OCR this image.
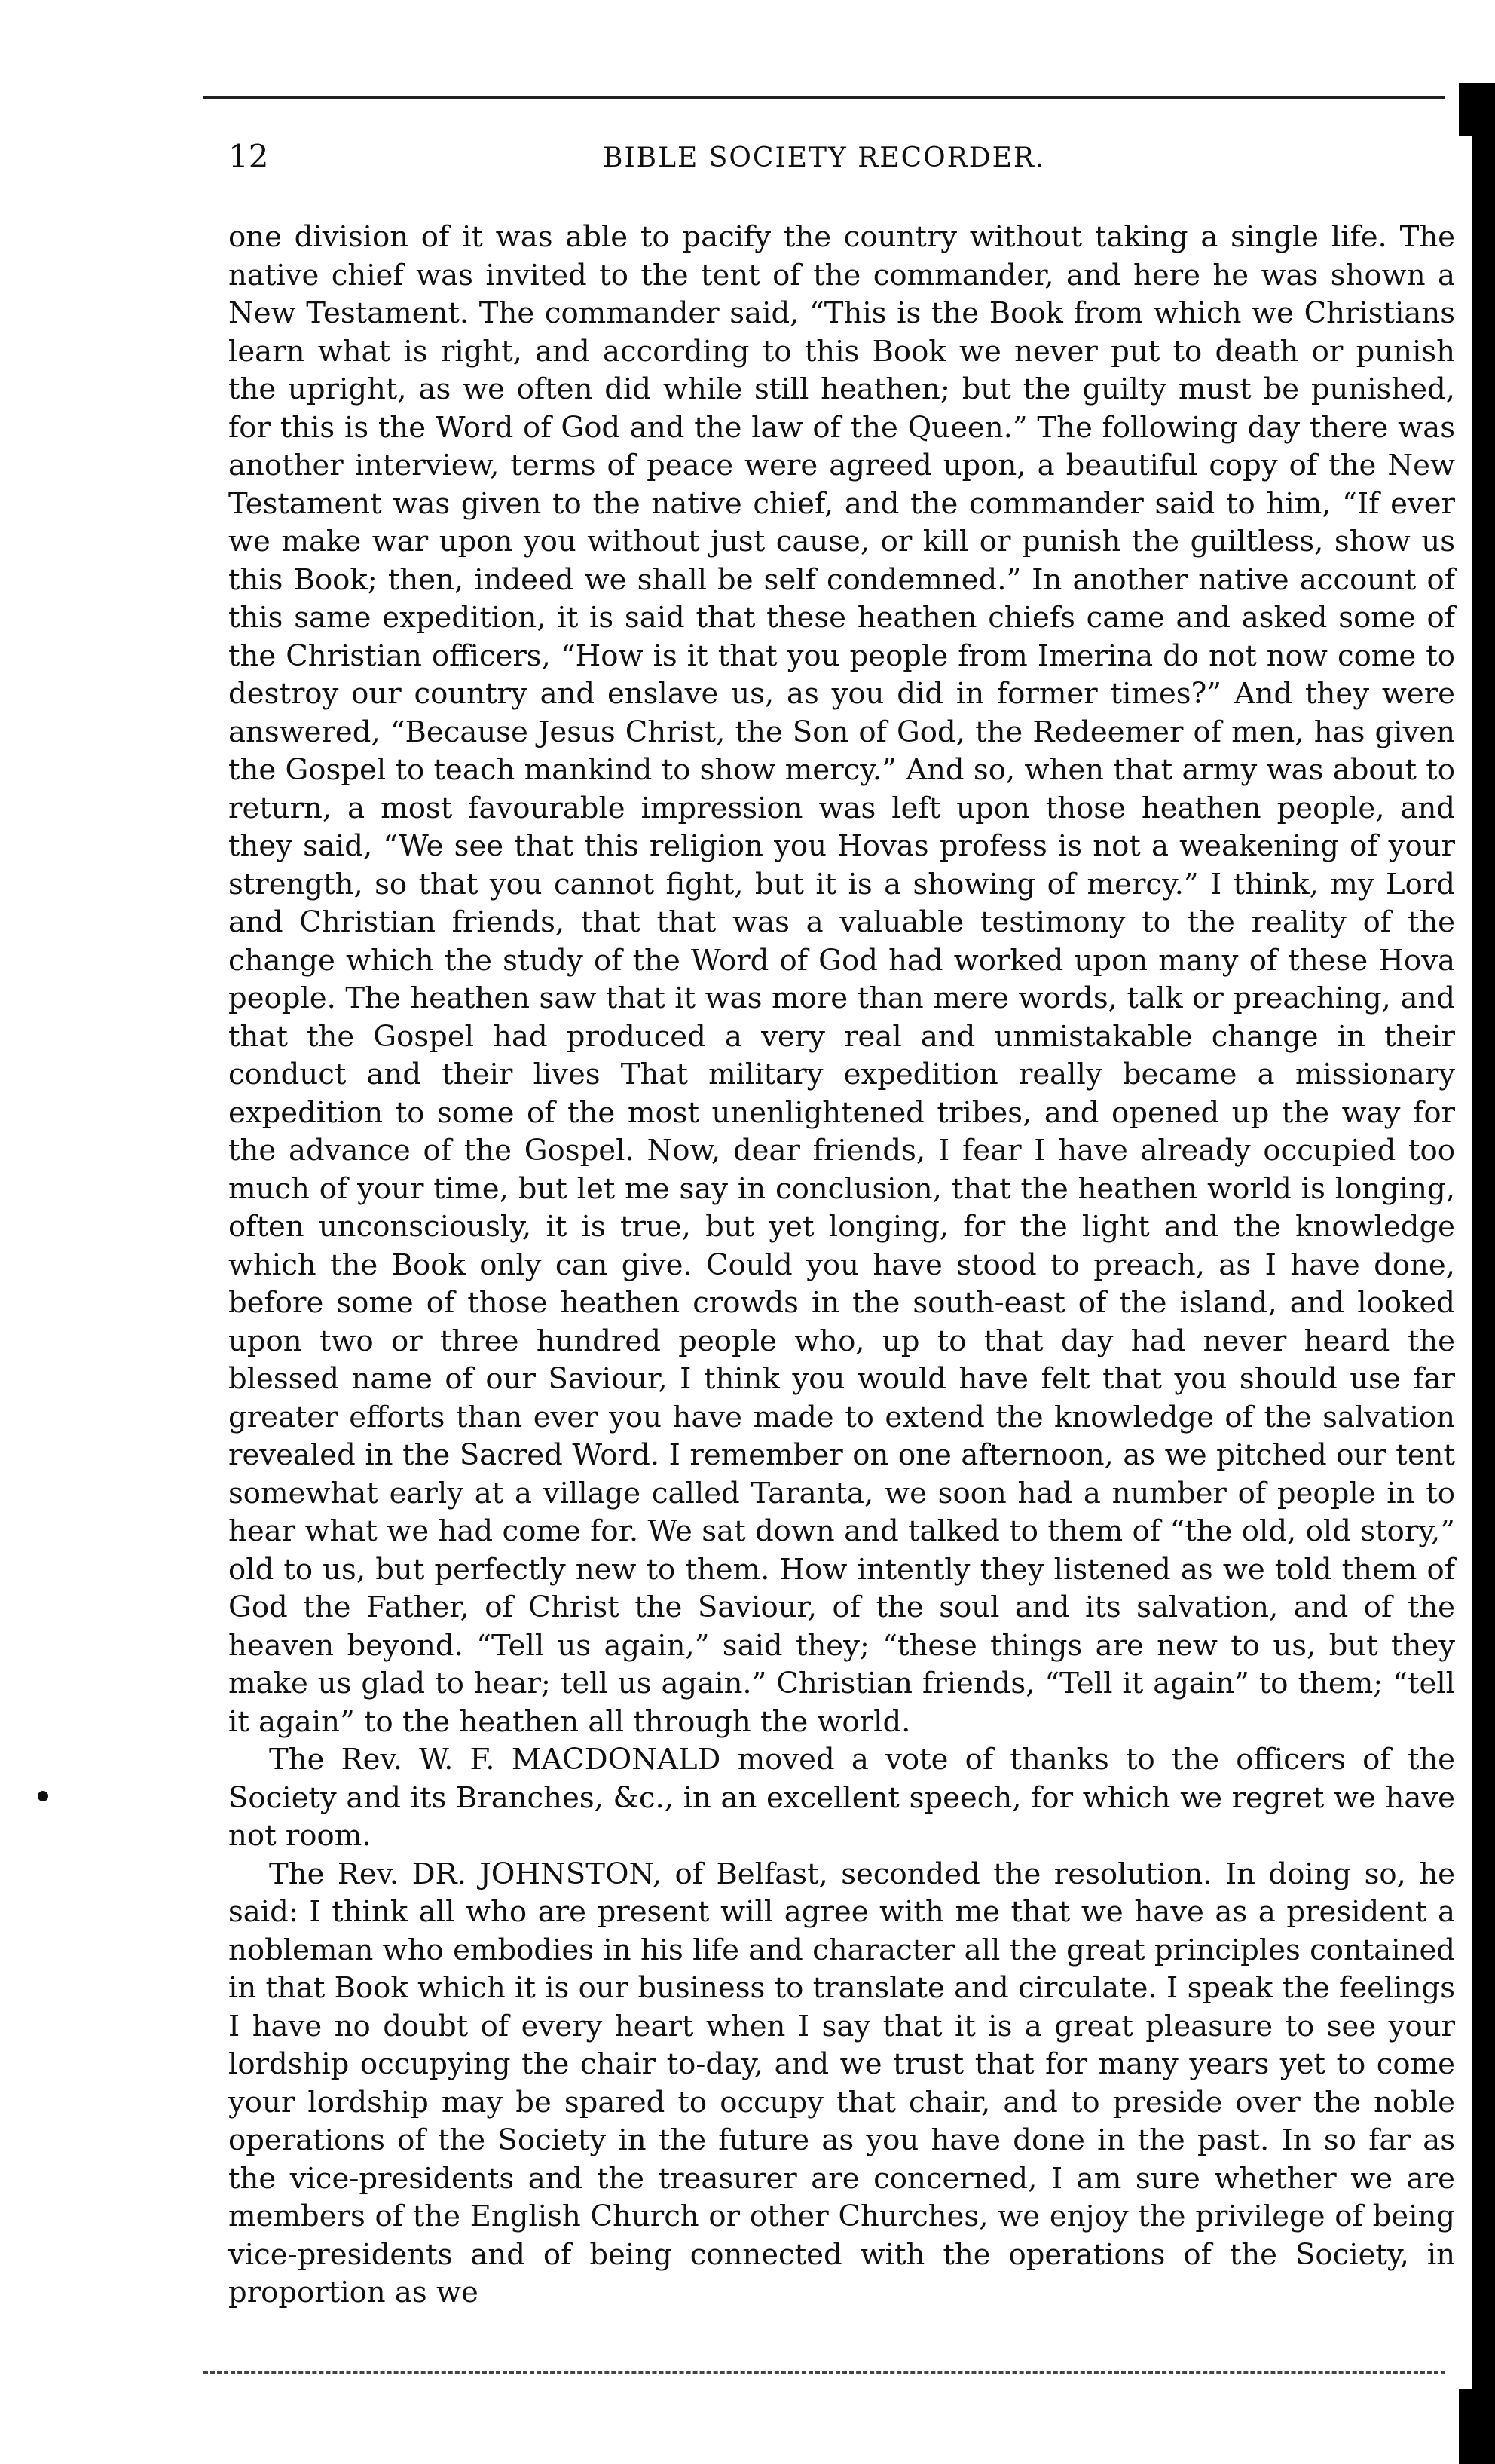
12	BIBLE SOCIETY RECORDER.

one division of it was able to pacify the country without taking a single life. The native chief was invited to the tent of the commander, and here he was shown a New Testament. The commander said, “This is the Book from which we Christians learn what is right, and according to this Book we never put to death or punish the upright, as we often did while still heathen; but the guilty must be punished, for this is the Word of God and the law of the Queen.” The following day there was another interview, terms of peace were agreed upon, a beautiful copy of the New Testament was given to the native chief, and the commander said to him, “If ever we make war upon you without just cause, or kill or punish the guiltless, show us this Book; then, indeed we shall be self condemned.” In another native account of this same expedition, it is said that these heathen chiefs came and asked some of the Christian officers, “How is it that you people from Imerina do not now come to destroy our country and enslave us, as you did in former times?” And they were answered, “Because Jesus Christ, the Son of God, the Redeemer of men, has given the Gospel to teach mankind to show mercy.” And so, when that army was about to return, a most favourable impression was left upon those heathen people, and they said, “We see that this religion you Hovas profess is not a weakening of your strength, so that you cannot fight, but it is a showing of mercy.” I think, my Lord and Christian friends, that that was a valuable testimony to the reality of the change which the study of the Word of God had worked upon many of these Hova people. The heathen saw that it was more than mere words, talk or preaching, and that the Gospel had produced a very real and unmistakable change in their conduct and their lives That military expedition really became a missionary expedition to some of the most unenlightened tribes, and opened up the way for the advance of the Gospel. Now, dear friends, I fear I have already occupied too much of your time, but let me say in conclusion, that the heathen world is longing, often unconsciously, it is true, but yet longing, for the light and the knowledge which the Book only can give. Could you have stood to preach, as I have done, before some of those heathen crowds in the south-east of the island, and looked upon two or three hundred people who, up to that day had never heard the blessed name of our Saviour, I think you would have felt that you should use far greater efforts than ever you have made to extend the knowledge of the salvation revealed in the Sacred Word. I remember on one afternoon, as we pitched our tent somewhat early at a village called Taranta, we soon had a number of people in to hear what we had come for. We sat down and talked to them of “the old, old story,” old to us, but perfectly new to them. How intently they listened as we told them of God the Father, of Christ the Saviour, of the soul and its salvation, and of the heaven beyond. “Tell us again,” said they; “these things are new to us, but they make us glad to hear; tell us again.” Christian friends, “Tell it again” to them; “tell it again” to the heathen all through the world.

The Rev. W. F. MACDONALD moved a vote of thanks to the officers of the Society and its Branches, &c., in an excellent speech, for which we regret we have not room.

The Rev. DR. JOHNSTON, of Belfast, seconded the resolution. In doing so, he said: I think all who are present will agree with me that we have as a president a nobleman who embodies in his life and character all the great principles contained in that Book which it is our business to translate and circulate. I speak the feelings I have no doubt of every heart when I say that it is a great pleasure to see your lordship occupying the chair to-day, and we trust that for many years yet to come your lordship may be spared to occupy that chair, and to preside over the noble operations of the Society in the future as you have done in the past. In so far as the vice-presidents and the treasurer are concerned, I am sure whether we are members of the English Church or other Churches, we enjoy the privilege of being vice-presidents and of being connected with the operations of the Society, in proportion as we
